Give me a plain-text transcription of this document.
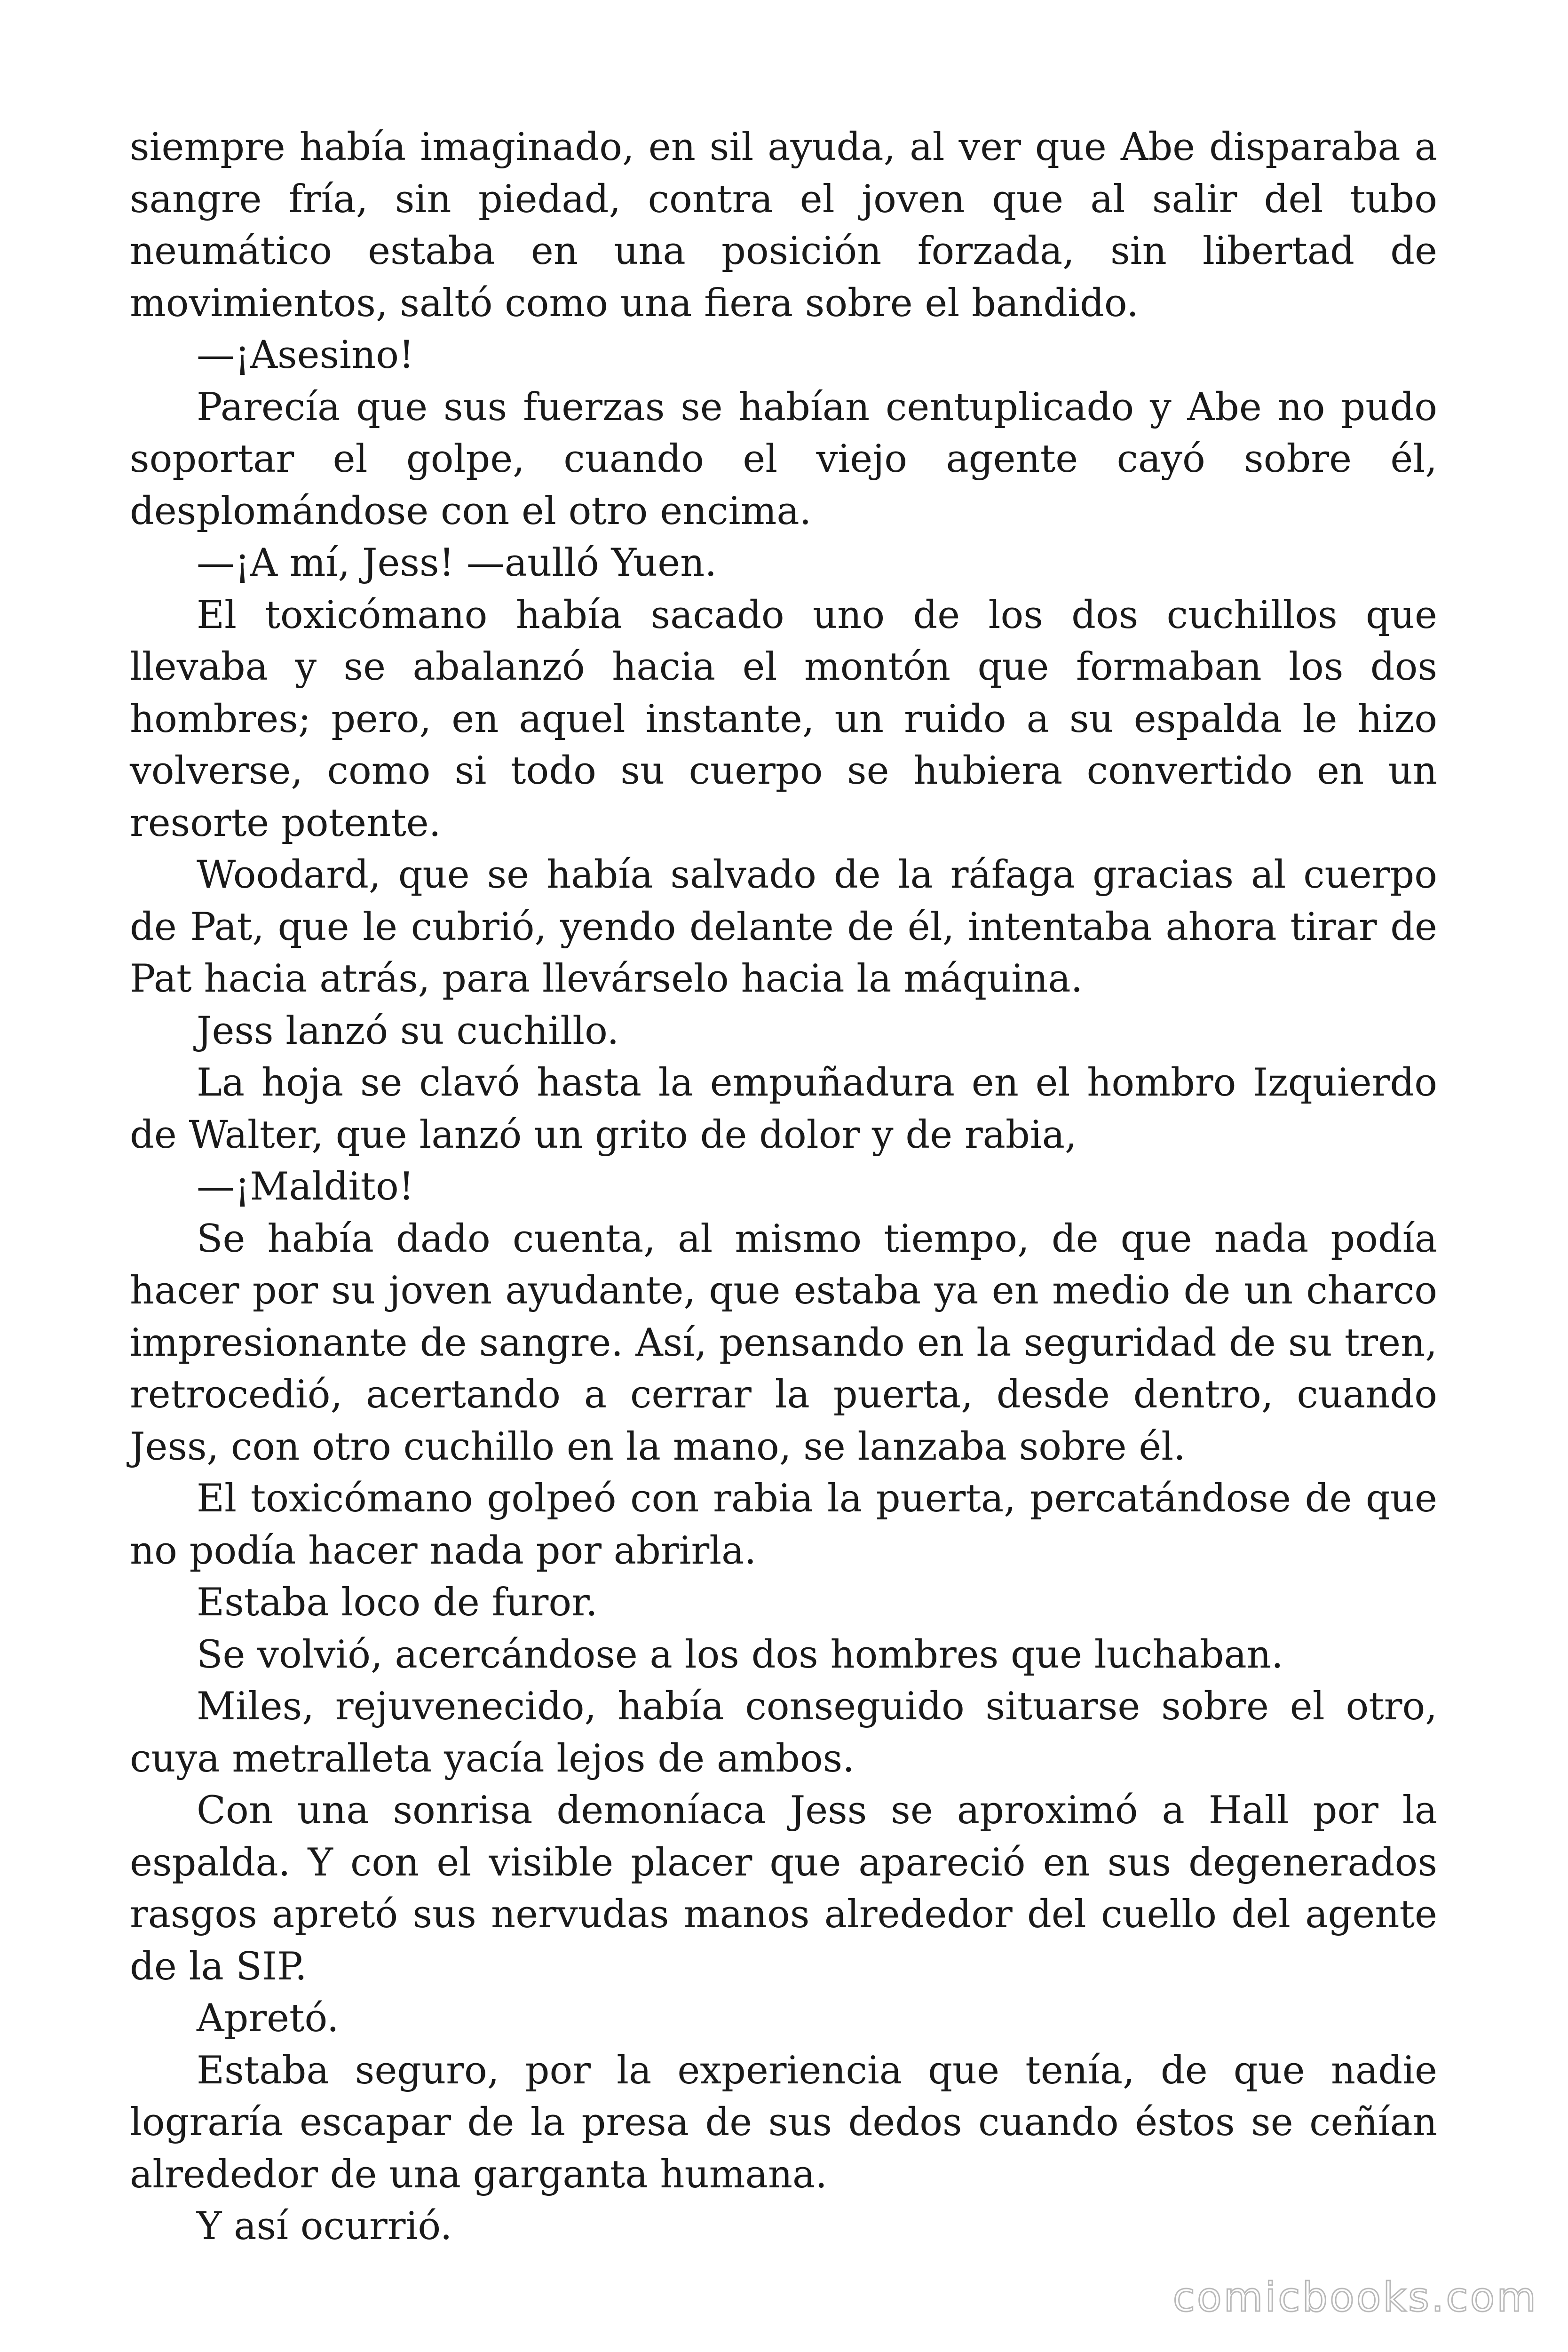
siempre había imaginado, en sil ayuda, al ver que Abe disparaba a sangre fría, sin piedad, contra el joven que al salir del tubo neumático estaba en una posición forzada, sin libertad de movimientos, saltó como una fiera sobre el bandido.

—¡Asesino!

Parecía que sus fuerzas se habían centuplicado y Abe no pudo soportar el golpe, cuando el viejo agente cayó sobre él, desplomándose con el otro encima.

—¡A mí, Jess! —aulló Yuen.

El toxicómano había sacado uno de los dos cuchillos que llevaba y se abalanzó hacia el montón que formaban los dos hombres; pero, en aquel instante, un ruido a su espalda le hizo volverse, como si todo su cuerpo se hubiera convertido en un resorte potente.

Woodard, que se había salvado de la ráfaga gracias al cuerpo de Pat, que le cubrió, yendo delante de él, intentaba ahora tirar de Pat hacia atrás, para llevárselo hacia la máquina.

Jess lanzó su cuchillo.

La hoja se clavó hasta la empuñadura en el hombro Izquierdo de Walter, que lanzó un grito de dolor y de rabia,

—¡Maldito!

Se había dado cuenta, al mismo tiempo, de que nada podía hacer por su joven ayudante, que estaba ya en medio de un charco impresionante de sangre. Así, pensando en la seguridad de su tren, retrocedió, acertando a cerrar la puerta, desde dentro, cuando Jess, con otro cuchillo en la mano, se lanzaba sobre él.

El toxicómano golpeó con rabia la puerta, percatándose de que no podía hacer nada por abrirla.

Estaba loco de furor.

Se volvió, acercándose a los dos hombres que luchaban.

Miles, rejuvenecido, había conseguido situarse sobre el otro, cuya metralleta yacía lejos de ambos.

Con una sonrisa demoníaca Jess se aproximó a Hall por la espalda. Y con el visible placer que apareció en sus degenerados rasgos apretó sus nervudas manos alrededor del cuello del agente de la SIP.

Apretó.

Estaba seguro, por la experiencia que tenía, de que nadie lograría escapar de la presa de sus dedos cuando éstos se ceñían alrededor de una garganta humana.

Y así ocurrió.

comicbooks.com
